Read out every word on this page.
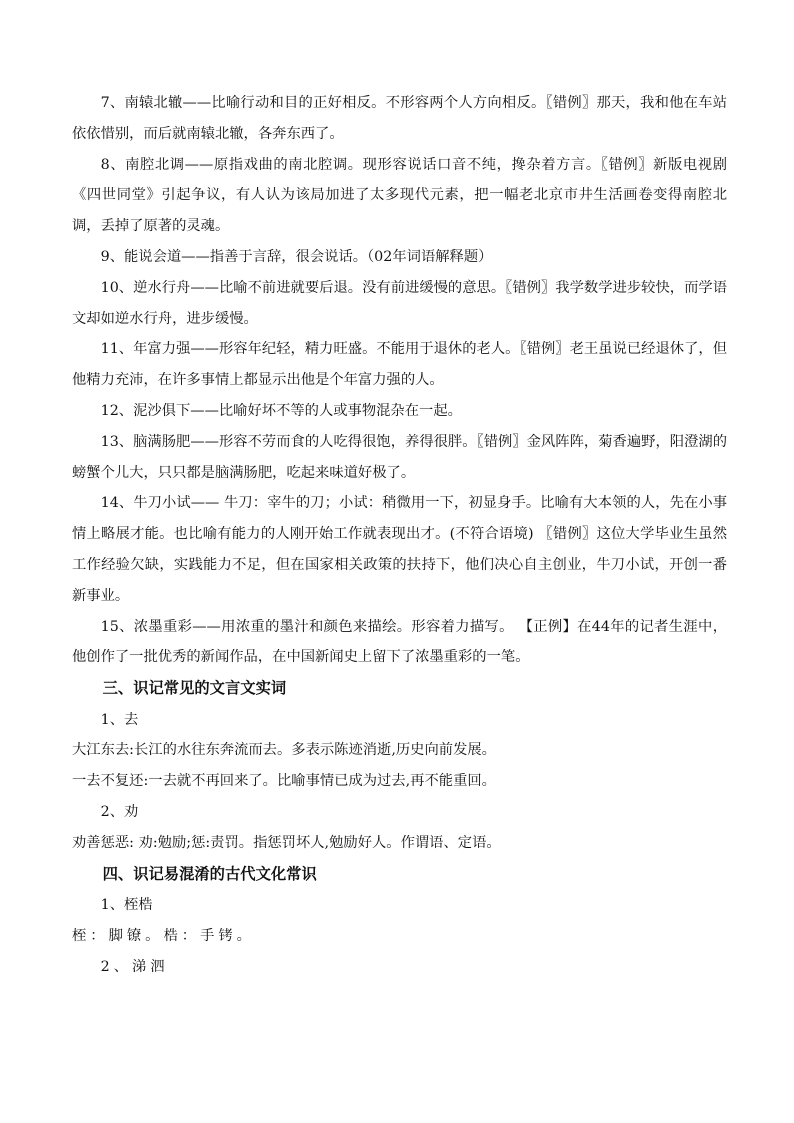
7、南辕北辙——比喻行动和目的正好相反。不形容两个人方向相反。〖错例〗那天，我和他在车站依依惜别，而后就南辕北辙，各奔东西了。

8、南腔北调——原指戏曲的南北腔调。现形容说话口音不纯，搀杂着方言。〖错例〗新版电视剧《四世同堂》引起争议，有人认为该局加进了太多现代元素，把一幅老北京市井生活画卷变得南腔北调，丢掉了原著的灵魂。

9、能说会道——指善于言辞，很会说话。（02年词语解释题）

10、逆水行舟——比喻不前进就要后退。没有前进缓慢的意思。〖错例〗我学数学进步较快，而学语文却如逆水行舟，进步缓慢。

11、年富力强——形容年纪轻，精力旺盛。不能用于退休的老人。〖错例〗老王虽说已经退休了，但他精力充沛，在许多事情上都显示出他是个年富力强的人。

12、泥沙俱下——比喻好坏不等的人或事物混杂在一起。

13、脑满肠肥——形容不劳而食的人吃得很饱，养得很胖。〖错例〗金风阵阵，菊香遍野，阳澄湖的螃蟹个儿大，只只都是脑满肠肥，吃起来味道好极了。

14、牛刀小试—— 牛刀：宰牛的刀；小试：稍微用一下，初显身手。比喻有大本领的人，先在小事情上略展才能。也比喻有能力的人刚开始工作就表现出才。(不符合语境) 〖错例〗这位大学毕业生虽然工作经验欠缺，实践能力不足，但在国家相关政策的扶持下，他们决心自主创业，牛刀小试，开创一番新事业。

15、浓墨重彩——用浓重的墨汁和颜色来描绘。形容着力描写。 【正例】在44年的记者生涯中，他创作了一批优秀的新闻作品，在中国新闻史上留下了浓墨重彩的一笔。

三、识记常见的文言文实词

1、去

大江东去:长江的水往东奔流而去。多表示陈迹消逝,历史向前发展。

一去不复还:一去就不再回来了。比喻事情已成为过去,再不能重回。

2、劝

劝善惩恶: 劝:勉励;惩:责罚。指惩罚坏人,勉励好人。作谓语、定语。

四、识记易混淆的古代文化常识

1、桎梏

桎：脚镣。梏：手铐。

2、涕泗
